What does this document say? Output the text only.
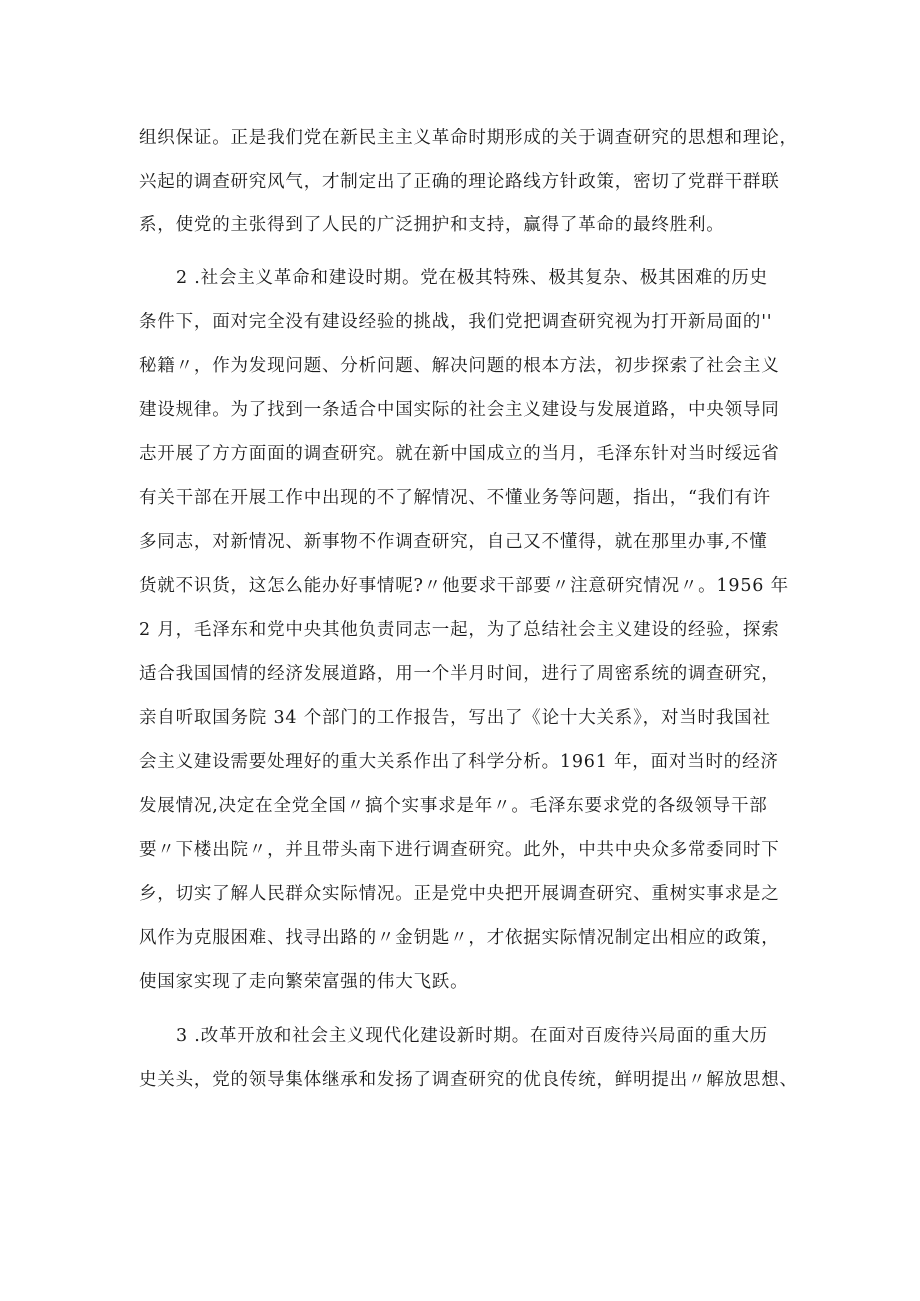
组织保证。正是我们党在新民主主义革命时期形成的关于调查研究的思想和理论，
兴起的调查研究风气，才制定出了正确的理论路线方针政策，密切了党群干群联
系，使党的主张得到了人民的广泛拥护和支持，赢得了革命的最终胜利。
2 .社会主义革命和建设时期。党在极其特殊、极其复杂、极其困难的历史
条件下，面对完全没有建设经验的挑战，我们党把调查研究视为打开新局面的''
秘籍〃，作为发现问题、分析问题、解决问题的根本方法，初步探索了社会主义
建设规律。为了找到一条适合中国实际的社会主义建设与发展道路，中央领导同
志开展了方方面面的调查研究。就在新中国成立的当月，毛泽东针对当时绥远省
有关干部在开展工作中出现的不了解情况、不懂业务等问题，指出，“我们有许
多同志，对新情况、新事物不作调查研究，自己又不懂得，就在那里办事,不懂
货就不识货，这怎么能办好事情呢?〃他要求干部要〃注意研究情况〃。1956 年
2 月，毛泽东和党中央其他负责同志一起，为了总结社会主义建设的经验，探索
适合我国国情的经济发展道路，用一个半月时间，进行了周密系统的调查研究，
亲自听取国务院 34 个部门的工作报告，写出了《论十大关系》，对当时我国社
会主义建设需要处理好的重大关系作出了科学分析。1961 年，面对当时的经济
发展情况,决定在全党全国〃搞个实事求是年〃。毛泽东要求党的各级领导干部
要〃下楼出院〃，并且带头南下进行调查研究。此外，中共中央众多常委同时下
乡，切实了解人民群众实际情况。正是党中央把开展调查研究、重树实事求是之
风作为克服困难、找寻出路的〃金钥匙〃，才依据实际情况制定出相应的政策，
使国家实现了走向繁荣富强的伟大飞跃。
3 .改革开放和社会主义现代化建设新时期。在面对百废待兴局面的重大历
史关头，党的领导集体继承和发扬了调查研究的优良传统，鲜明提出〃解放思想、
